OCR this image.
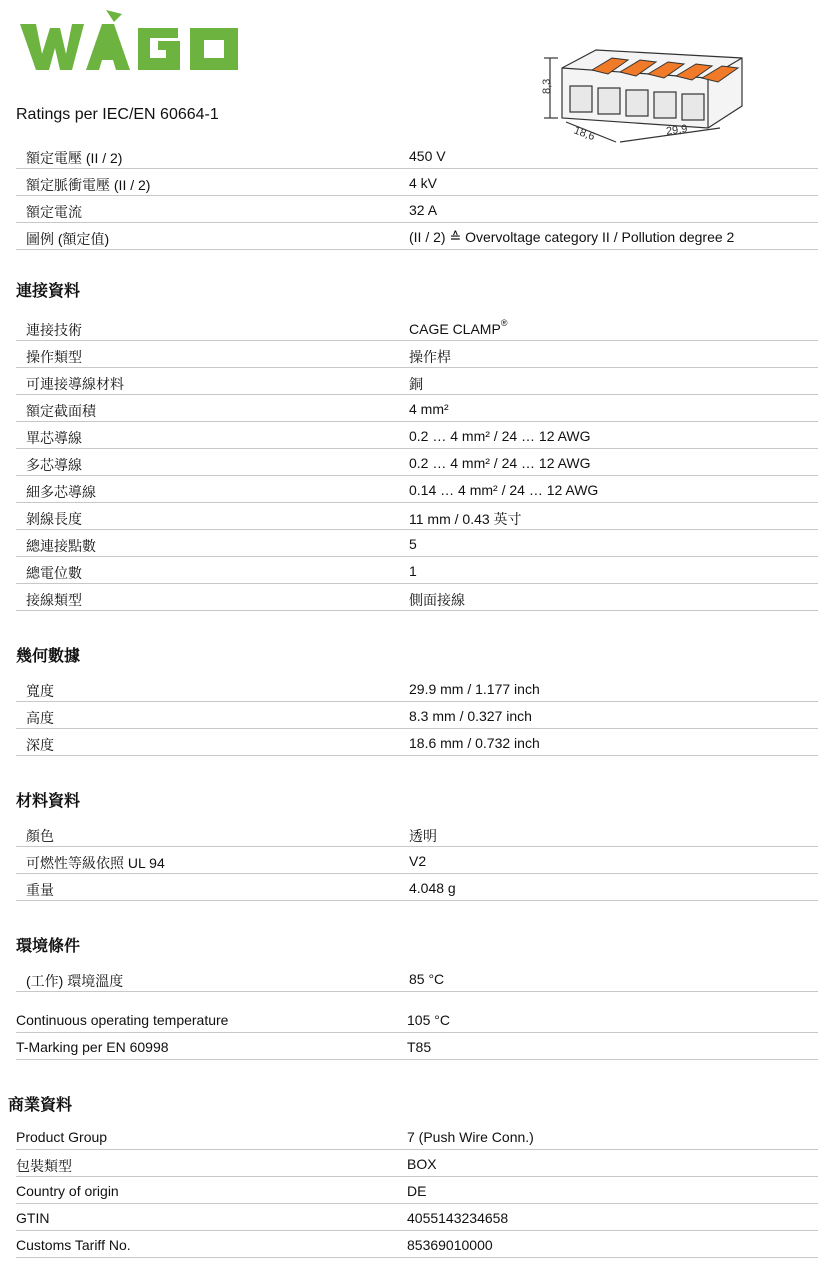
Ratings per IEC/EN 60664-1
8,3
18,6	29,9
額定電壓 (II / 2)	450 V
額定脈衝電壓 (II / 2)	4 kV
額定電流	32 A
圖例 (額定值)	(II / 2) ≙ Overvoltage category II / Pollution degree 2
連接資料
連接技術	CAGE CLAMP®
操作類型	操作桿
可連接導線材料	銅
額定截面積	4 mm²
單芯導線	0.2 … 4 mm² / 24 … 12 AWG
多芯導線	0.2 … 4 mm² / 24 … 12 AWG
細多芯導線	0.14 … 4 mm² / 24 … 12 AWG
剝線長度	11 mm / 0.43 英寸
總連接點數	5
總電位數	1
接線類型	側面接線
幾何數據
寬度	29.9 mm / 1.177 inch
高度	8.3 mm / 0.327 inch
深度	18.6 mm / 0.732 inch
材料資料
顏色	透明
可燃性等級依照 UL 94	V2
重量	4.048 g
環境條件
(工作) 環境溫度	85 °C
Continuous operating temperature	105 °C
T-Marking per EN 60998	T85
商業資料
Product Group	7 (Push Wire Conn.)
包裝類型	BOX
Country of origin	DE
GTIN	4055143234658
Customs Tariff No.	85369010000
